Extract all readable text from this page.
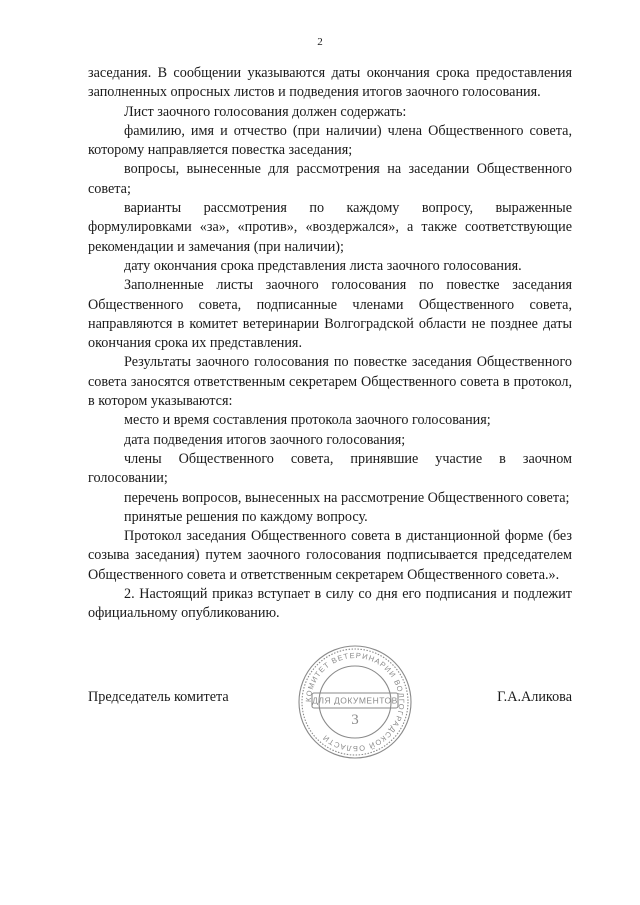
2

заседания. В сообщении указываются даты окончания срока предоставления заполненных опросных листов и подведения итогов заочного голосования.

Лист заочного голосования должен содержать:

фамилию, имя и отчество (при наличии) члена Общественного совета, которому направляется повестка заседания;

вопросы, вынесенные для рассмотрения на заседании Общественного совета;

варианты рассмотрения по каждому вопросу, выраженные формулировками «за», «против», «воздержался», а также соответствующие рекомендации и замечания (при наличии);

дату окончания срока представления листа заочного голосования.

Заполненные листы заочного голосования по повестке заседания Общественного совета, подписанные членами Общественного совета, направляются в комитет ветеринарии Волгоградской области не позднее даты окончания срока их представления.

Результаты заочного голосования по повестке заседания Общественного совета заносятся ответственным секретарем Общественного совета в протокол, в котором указываются:

место и время составления протокола заочного голосования;

дата подведения итогов заочного голосования;

члены Общественного совета, принявшие участие в заочном голосовании;

перечень вопросов, вынесенных на рассмотрение Общественного совета;

принятые решения по каждому вопросу.

Протокол заседания Общественного совета в дистанционной форме (без созыва заседания) путем заочного голосования подписывается председателем Общественного совета и ответственным секретарем Общественного совета.».

2. Настоящий приказ вступает в силу со дня его подписания и подлежит официальному опубликованию.

Председатель комитета	Г.А.Аликова
КОМИТЕТ ВЕТЕРИНАРИИ ВОЛГОГРАДСКОЙ ОБЛАСТИ
ДЛЯ ДОКУМЕНТОВ
3
